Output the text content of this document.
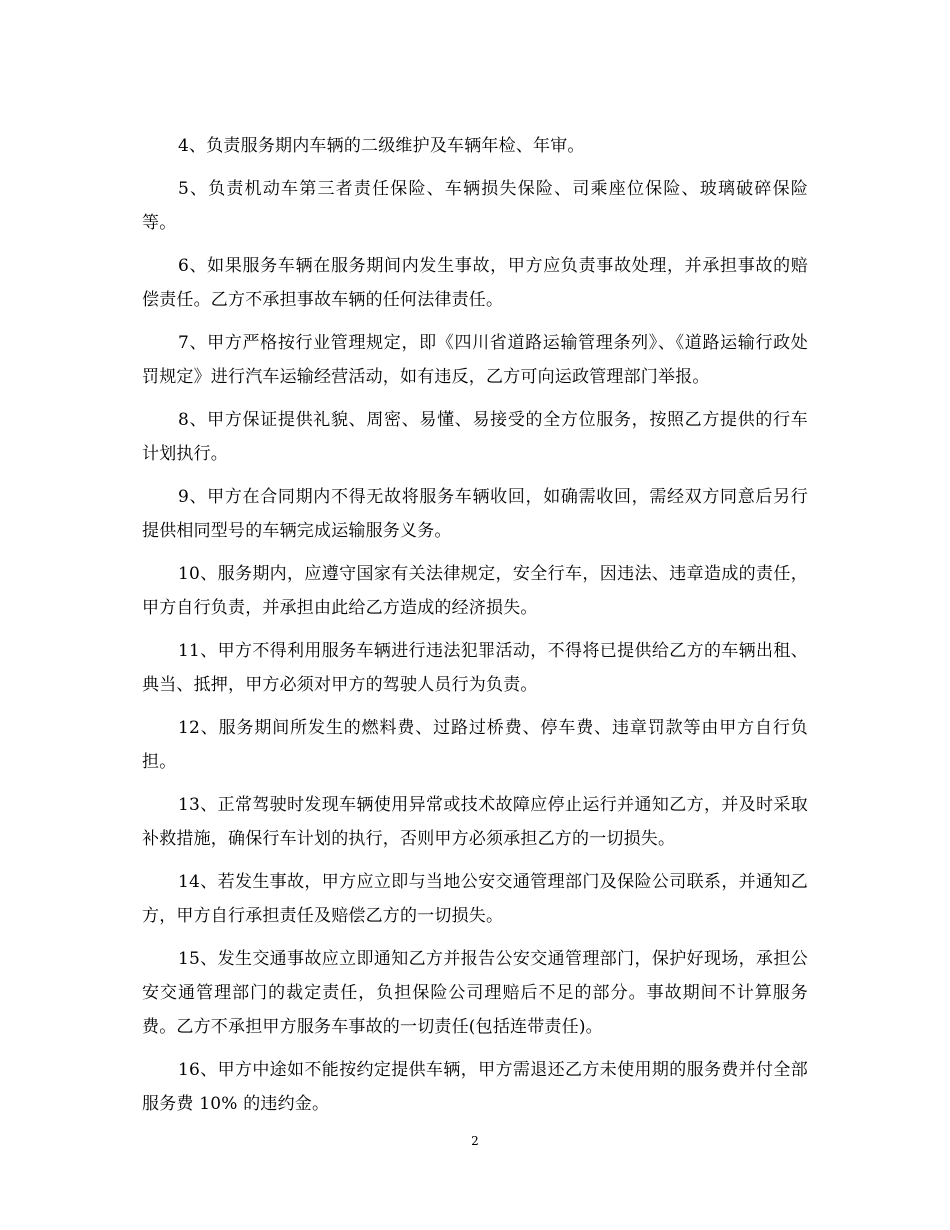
4、负责服务期内车辆的二级维护及车辆年检、年审。

5、负责机动车第三者责任保险、车辆损失保险、司乘座位保险、玻璃破碎保险等。

6、如果服务车辆在服务期间内发生事故，甲方应负责事故处理，并承担事故的赔偿责任。乙方不承担事故车辆的任何法律责任。

7、甲方严格按行业管理规定，即《四川省道路运输管理条列》、《道路运输行政处罚规定》进行汽车运输经营活动，如有违反，乙方可向运政管理部门举报。

8、甲方保证提供礼貌、周密、易懂、易接受的全方位服务，按照乙方提供的行车计划执行。

9、甲方在合同期内不得无故将服务车辆收回，如确需收回，需经双方同意后另行提供相同型号的车辆完成运输服务义务。

10、服务期内，应遵守国家有关法律规定，安全行车，因违法、违章造成的责任，甲方自行负责，并承担由此给乙方造成的经济损失。

11、甲方不得利用服务车辆进行违法犯罪活动，不得将已提供给乙方的车辆出租、典当、抵押，甲方必须对甲方的驾驶人员行为负责。

12、服务期间所发生的燃料费、过路过桥费、停车费、违章罚款等由甲方自行负担。

13、正常驾驶时发现车辆使用异常或技术故障应停止运行并通知乙方，并及时采取补救措施，确保行车计划的执行，否则甲方必须承担乙方的一切损失。

14、若发生事故，甲方应立即与当地公安交通管理部门及保险公司联系，并通知乙方，甲方自行承担责任及赔偿乙方的一切损失。

15、发生交通事故应立即通知乙方并报告公安交通管理部门，保护好现场，承担公安交通管理部门的裁定责任，负担保险公司理赔后不足的部分。事故期间不计算服务费。乙方不承担甲方服务车事故的一切责任(包括连带责任)。

16、甲方中途如不能按约定提供车辆，甲方需退还乙方未使用期的服务费并付全部服务费 10% 的违约金。

2
